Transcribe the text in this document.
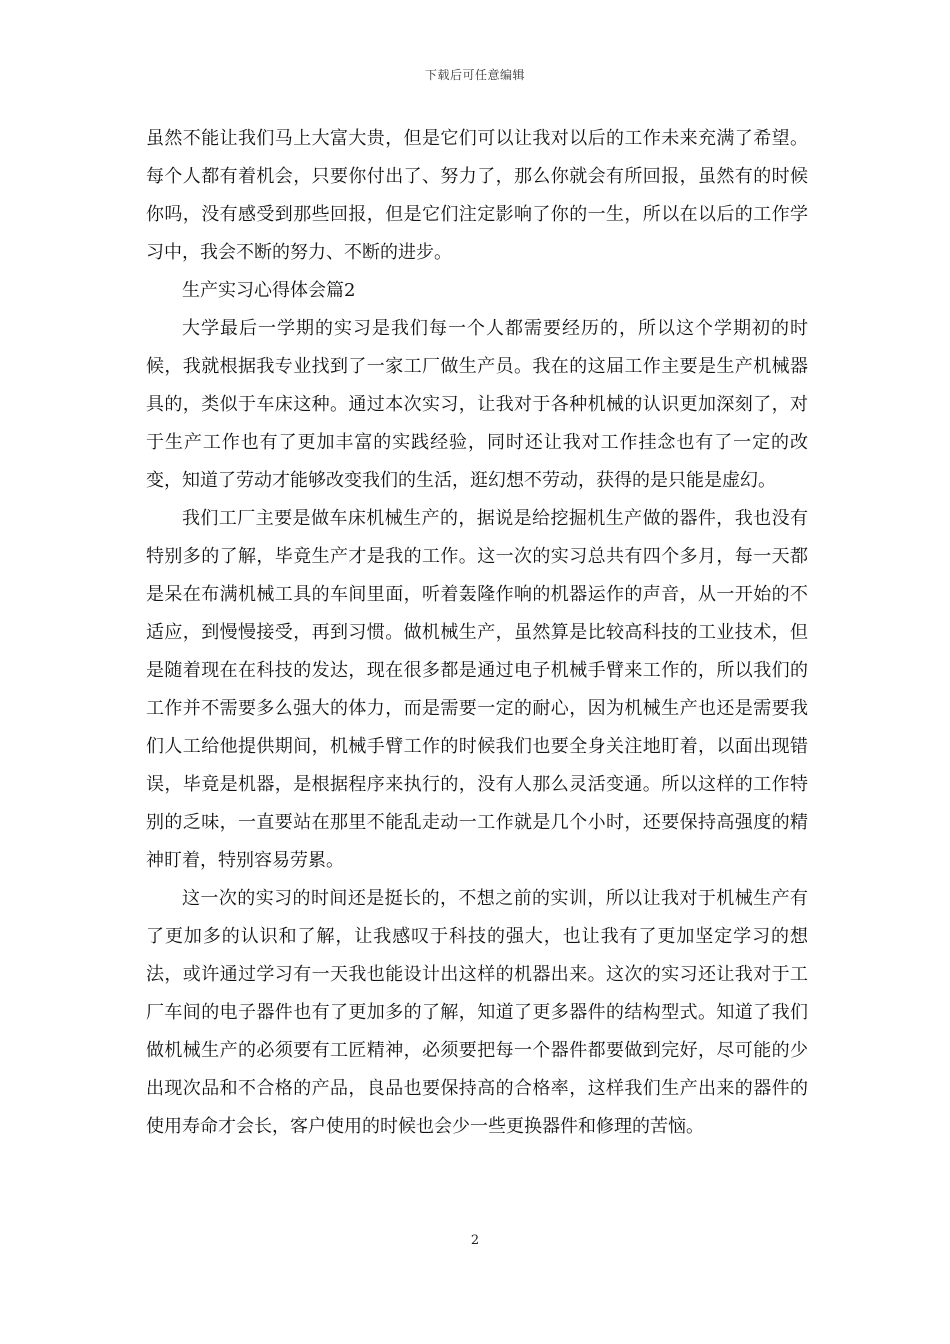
下载后可任意编辑

虽然不能让我们马上大富大贵，但是它们可以让我对以后的工作未来充满了希望。每个人都有着机会，只要你付出了、努力了，那么你就会有所回报，虽然有的时候你吗，没有感受到那些回报，但是它们注定影响了你的一生，所以在以后的工作学习中，我会不断的努力、不断的进步。

生产实习心得体会篇2

大学最后一学期的实习是我们每一个人都需要经历的，所以这个学期初的时候，我就根据我专业找到了一家工厂做生产员。我在的这届工作主要是生产机械器具的，类似于车床这种。通过本次实习，让我对于各种机械的认识更加深刻了，对于生产工作也有了更加丰富的实践经验，同时还让我对工作挂念也有了一定的改变，知道了劳动才能够改变我们的生活，逛幻想不劳动，获得的是只能是虚幻。

我们工厂主要是做车床机械生产的，据说是给挖掘机生产做的器件，我也没有特别多的了解，毕竟生产才是我的工作。这一次的实习总共有四个多月，每一天都是呆在布满机械工具的车间里面，听着轰隆作响的机器运作的声音，从一开始的不适应，到慢慢接受，再到习惯。做机械生产，虽然算是比较高科技的工业技术，但是随着现在在科技的发达，现在很多都是通过电子机械手臂来工作的，所以我们的工作并不需要多么强大的体力，而是需要一定的耐心，因为机械生产也还是需要我们人工给他提供期间，机械手臂工作的时候我们也要全身关注地盯着，以面出现错误，毕竟是机器，是根据程序来执行的，没有人那么灵活变通。所以这样的工作特别的乏味，一直要站在那里不能乱走动一工作就是几个小时，还要保持高强度的精神盯着，特别容易劳累。

这一次的实习的时间还是挺长的，不想之前的实训，所以让我对于机械生产有了更加多的认识和了解，让我感叹于科技的强大，也让我有了更加坚定学习的想法，或许通过学习有一天我也能设计出这样的机器出来。这次的实习还让我对于工厂车间的电子器件也有了更加多的了解，知道了更多器件的结构型式。知道了我们做机械生产的必须要有工匠精神，必须要把每一个器件都要做到完好，尽可能的少出现次品和不合格的产品，良品也要保持高的合格率，这样我们生产出来的器件的使用寿命才会长，客户使用的时候也会少一些更换器件和修理的苦恼。

2
